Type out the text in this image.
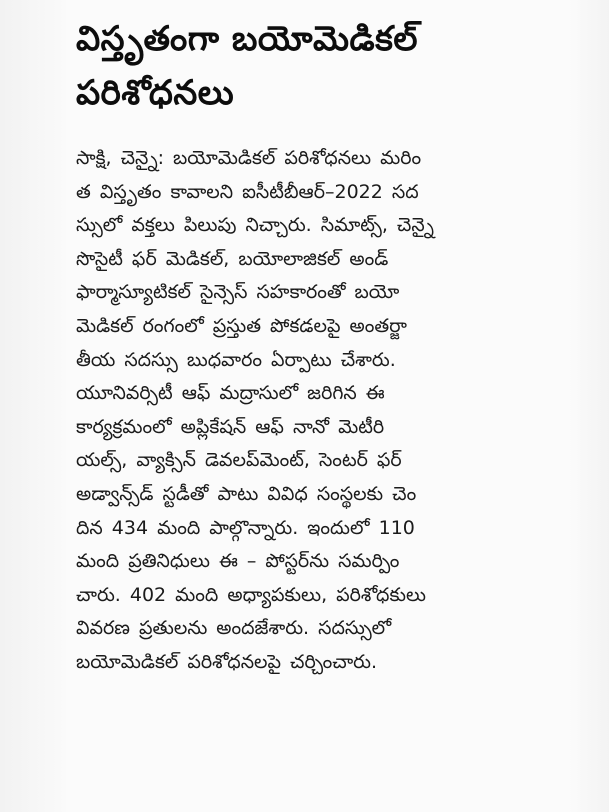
విస్తృతంగా బయోమెడికల్
పరిశోధనలు
సాక్షి, చెన్నై: బయోమెడికల్ పరిశోధనలు మరిం
త విస్తృతం కావాలని ఐసీటీబీఆర్‌–2022 సద
స్సులో వక్తలు పిలుపు నిచ్చారు. సిమాట్స్, చెన్నై
సొసైటీ ఫర్ మెడికల్, బయోలాజికల్ అండ్
ఫార్మాస్యూటికల్ సైన్సెస్ సహకారంతో బయో
మెడికల్ రంగంలో ప్రస్తుత పోకడలపై అంతర్జా
తీయ సదస్సు బుధవారం ఏర్పాటు చేశారు.
యూనివర్సిటీ ఆఫ్ మద్రాసులో జరిగిన ఈ
కార్యక్రమంలో అప్లికేషన్ ఆఫ్ నానో మెటీరి
యల్స్, వ్యాక్సిన్ డెవలప్‌మెంట్, సెంటర్ ఫర్
అడ్వాన్స్‌డ్ స్టడీతో పాటు వివిధ సంస్థలకు చెం
దిన 434 మంది పాల్గొన్నారు. ఇందులో 110
మంది ప్రతినిధులు ఈ – పోస్టర్‌ను సమర్పిం
చారు. 402 మంది అధ్యాపకులు, పరిశోధకులు
వివరణ ప్రతులను అందజేశారు. సదస్సులో
బయోమెడికల్ పరిశోధనలపై చర్చించారు.
